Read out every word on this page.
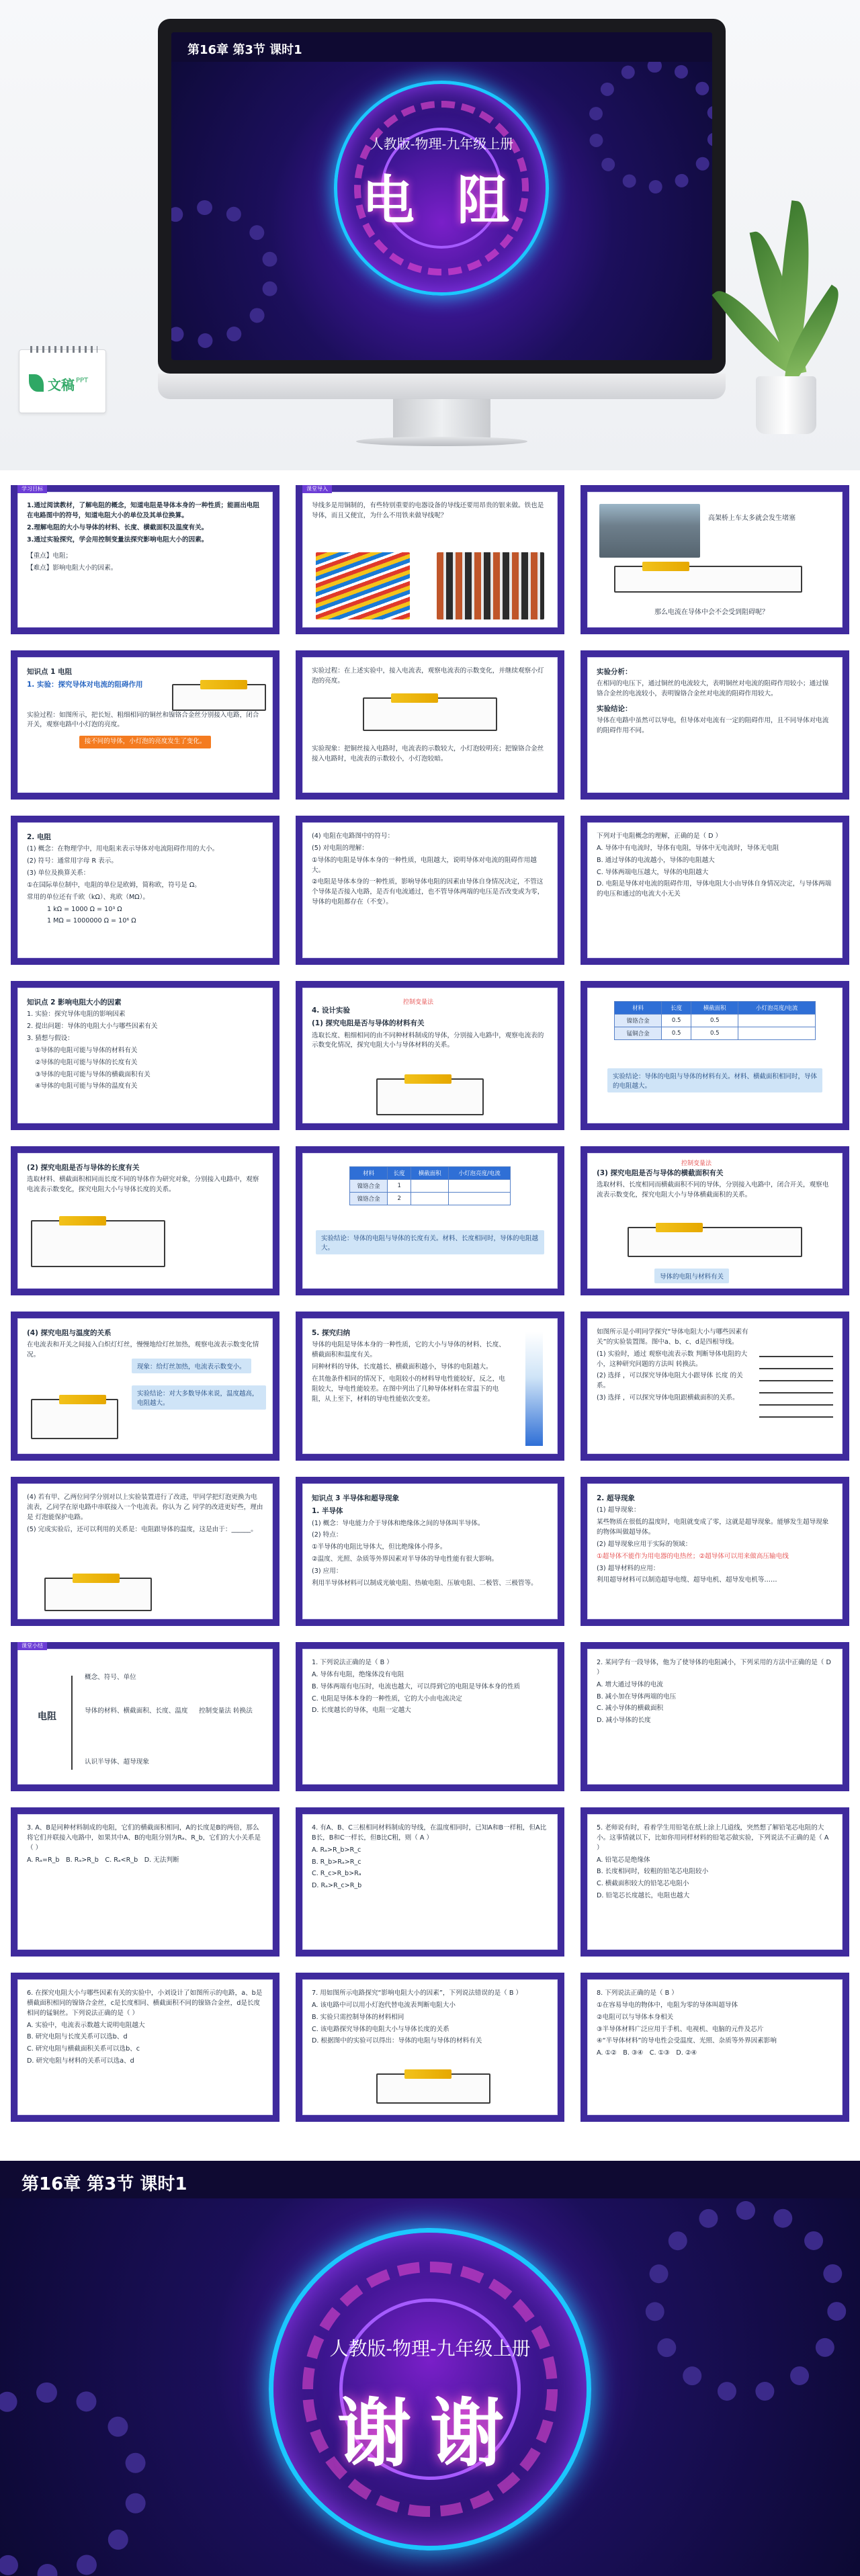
第16章 第3节 课时1
人教版-物理-九年级上册
电 阻
文稿 PPT
学习目标

1.通过阅读教材，了解电阻的概念，知道电阻是导体本身的一种性质；能画出电阻在电路图中的符号，知道电阻大小的单位及其单位换算。

2.理解电阻的大小与导体的材料、长度、横截面积及温度有关。

3.通过实验探究，学会用控制变量法探究影响电阻大小的因素。

【重点】电阻；

【难点】影响电阻大小的因素。

课堂导入

导线多是用铜制的，有些特别重要的电器设备的导线还要用昂贵的银来做。铁也是导体，而且又便宜，为什么不用铁来做导线呢？	高架桥上车太多就会发生堵塞
那么电流在导体中会不会受到阻碍呢？

知识点 1 电阻

1. 实验：探究导体对电流的阻碍作用

实验过程：如图所示，把长短、粗细相同的铜丝和镍铬合金丝分别接入电路，闭合开关，观察电路中小灯泡的亮度。

接不同的导体，小灯泡的亮度发生了变化。

实验过程：在上述实验中，接入电流表，观察电流表的示数变化，并继续观察小灯泡的亮度。

实验现象：把铜丝接入电路时，电流表的示数较大，小灯泡较明亮；把镍铬合金丝接入电路时，电流表的示数较小，小灯泡较暗。

实验分析：

在相同的电压下，通过铜丝的电流较大，表明铜丝对电流的阻碍作用较小；通过镍铬合金丝的电流较小，表明镍铬合金丝对电流的阻碍作用较大。

实验结论：

导体在电路中虽然可以导电，但导体对电流有一定的阻碍作用，且不同导体对电流的阻碍作用不同。

2. 电阻

(1) 概念：在物理学中，用电阻来表示导体对电流阻碍作用的大小。

(2) 符号：通常用字母 R 表示。

(3) 单位及换算关系：

①在国际单位制中，电阻的单位是欧姆，简称欧，符号是 Ω。

常用的单位还有千欧（kΩ）、兆欧（MΩ）。

1 kΩ = 1000 Ω = 10³ Ω

1 MΩ = 1000000 Ω = 10⁶ Ω

(4) 电阻在电路图中的符号：

(5) 对电阻的理解：

①导体的电阻是导体本身的一种性质，电阻越大，说明导体对电流的阻碍作用越大。

②电阻是导体本身的一种性质，影响导体电阻的因素由导体自身情况决定，不管这个导体是否接入电路，是否有电流通过，也不管导体两端的电压是否改变或为零，导体的电阻都存在（不变）。

下列对于电阻概念的理解，正确的是（ D ）

A. 导体中有电流时，导体有电阻，导体中无电流时，导体无电阻

B. 通过导体的电流越小，导体的电阻越大

C. 导体两端电压越大，导体的电阻越大

D. 电阻是导体对电流的阻碍作用，导体电阻大小由导体自身情况决定，与导体两端的电压和通过的电流大小无关

知识点 2 影响电阻大小的因素

1. 实验：探究导体电阻的影响因素

2. 提出问题：导体的电阻大小与哪些因素有关

3. 猜想与假设：

①导体的电阻可能与导体的材料有关

②导体的电阻可能与导体的长度有关

③导体的电阻可能与导体的横截面积有关

④导体的电阻可能与导体的温度有关

控制变量法

4. 设计实验

(1) 探究电阻是否与导体的材料有关

选取长度、粗细相同的由不同种材料制成的导体，分别接入电路中，观察电流表的示数变化情况，探究电阻大小与导体材料的关系。

材料	长度	横截面积	小灯泡亮度/电流
镍铬合金	0.5	0.5	
锰铜合金	0.5	0.5	
实验结论：导体的电阻与导体的材料有关。材料、横截面积相同时，导体的电阻越大。

(2) 探究电阻是否与导体的长度有关

选取材料、横截面积相同而长度不同的导体作为研究对象，分别接入电路中，观察电流表示数变化，探究电阻大小与导体长度的关系。

材料	长度	横截面积	小灯泡亮度/电流
镍铬合金	1		
镍铬合金	2		
实验结论：导体的电阻与导体的长度有关。材料、长度相同时，导体的电阻越大。
控制变量法

(3) 探究电阻是否与导体的横截面积有关

选取材料、长度相同而横截面积不同的导体，分别接入电路中，闭合开关，观察电流表示数变化，探究电阻大小与导体横截面积的关系。

导体的电阻与材料有关

(4) 探究电阻与温度的关系

在电流表和开关之间接入白炽灯灯丝，慢慢地给灯丝加热，观察电流表示数变化情况。

现象：给灯丝加热，电流表示数变小。
实验结论：对大多数导体来说，温度越高，电阻越大。

5. 探究归纳

导体的电阻是导体本身的一种性质，它的大小与导体的材料、长度、横截面积和温度有关。

同种材料的导体，长度越长、横截面积越小，导体的电阻越大。

在其他条件相同的情况下，电阻较小的材料导电性能较好，反之，电阻较大，导电性能较差。在图中列出了几种导体材料在常温下的电阻，从上至下，材料的导电性能依次变差。

如图所示是小明同学探究“导体电阻大小与哪些因素有关”的实验装置图。图中a、b、c、d是四根导线。

(1) 实验时，通过 观察电流表示数 判断导体电阻的大小，这种研究问题的方法叫 转换法。

(2) 选择 ，可以探究导体电阻大小跟导体 长度 的关系。

(3) 选择 ，可以探究导体电阻跟横截面积的关系。

(4) 若有甲、乙两位同学分别对以上实验装置进行了改进，甲同学把灯泡更换为电流表，乙同学在原电路中串联接入一个电流表。你认为 乙 同学的改进更好些，理由是 灯泡能保护电路。

(5) 完成实验后，还可以利用的关系是：电阻跟导体的温度，这是由于：______。

知识点 3 半导体和超导现象

1. 半导体

(1) 概念：导电能力介于导体和绝缘体之间的导体叫半导体。

(2) 特点：

①半导体的电阻比导体大，但比绝缘体小得多。

②温度、光照、杂质等外界因素对半导体的导电性能有很大影响。

(3) 应用：

利用半导体材料可以制成光敏电阻、热敏电阻、压敏电阻、二极管、三极管等。

2. 超导现象

(1) 超导现象：

某些物质在很低的温度时，电阻就变成了零，这就是超导现象。能够发生超导现象的物体叫做超导体。

(2) 超导现象应用于实际的领域：

①超导体不能作为用电器的电热丝；②超导体可以用来做高压输电线

(3) 超导材料的应用：

利用超导材料可以制造超导电缆、超导电机、超导发电机等……

课堂小结
电阻
概念、符号、单位
导体的材料、横截面积、长度、温度	控制变量法 转换法
认识半导体、超导现象

1. 下列说法正确的是（ B ）

A. 导体有电阻，绝缘体没有电阻

B. 导体两端有电压时，电流也越大，可以得到它的电阻是导体本身的性质

C. 电阻是导体本身的一种性质，它的大小由电流决定

D. 长度越长的导体，电阻一定越大

2. 某同学有一段导体，他为了使导体的电阻减小，下列采用的方法中正确的是（ D ）

A. 增大通过导体的电流

B. 减小加在导体两端的电压

C. 减小导体的横截面积

D. 减小导体的长度

3. A、B是同种材料制成的电阻，它们的横截面积相同，A的长度是B的两倍，那么将它们并联接入电路中，如果其中A、B的电阻分别为Rₐ、R_b，它们的大小关系是（ ）

A. Rₐ=R_b　B. Rₐ>R_b　C. Rₐ<R_b　D. 无法判断

4. 有A、B、C三根相同材料制成的导线，在温度相同时，已知A和B一样粗，但A比B长，B和C一样长，但B比C粗，则（ A ）

A. Rₐ>R_b>R_c

B. R_b>Rₐ>R_c

C. R_c>R_b>Rₐ

D. Rₐ>R_c>R_b

5. 老师说有时，看着学生用铅笔在纸上涂上几道线，突然想了解铅笔芯电阻的大小。这事情就以下，比如你用同样材料的铅笔芯做实验，下列说法不正确的是（ A ）

A. 铅笔芯是绝缘体

B. 长度相同时，较粗的铅笔芯电阻较小

C. 横截面积较大的铅笔芯电阻小

D. 铅笔芯长度越长，电阻也越大

6. 在探究电阻大小与哪些因素有关的实验中，小刘设计了如图所示的电路，a、b是横截面积相同的镍铬合金丝，c是长度相同、横截面积不同的镍铬合金丝，d是长度相同的锰铜丝。下列说法正确的是（ ）

A. 实验中，电流表示数越大说明电阻越大

B. 研究电阻与长度关系可以选b、d

C. 研究电阻与横截面积关系可以选b、c

D. 研究电阻与材料的关系可以选a、d

7. 用如图所示电路探究“影响电阻大小的因素”，下列说法错误的是（ B ）

A. 该电路中可以用小灯泡代替电流表判断电阻大小

B. 实验只需控制导体的材料相同

C. 该电路探究导体的电阻大小与导体长度的关系

D. 根据图中的实验可以得出：导体的电阻与导体的材料有关

8. 下列说法正确的是（ B ）

①在容易导电的物体中，电阻为零的导体叫超导体

②电阻可以与导体本身相关

③半导体材料广泛应用于手机、电视机、电脑的元件及芯片

④“半导体材料”的导电性会受温度、光照、杂质等外界因素影响

A. ①②　B. ③④　C. ①③　D. ②④

第16章 第3节 课时1
人教版-物理-九年级上册
谢谢
